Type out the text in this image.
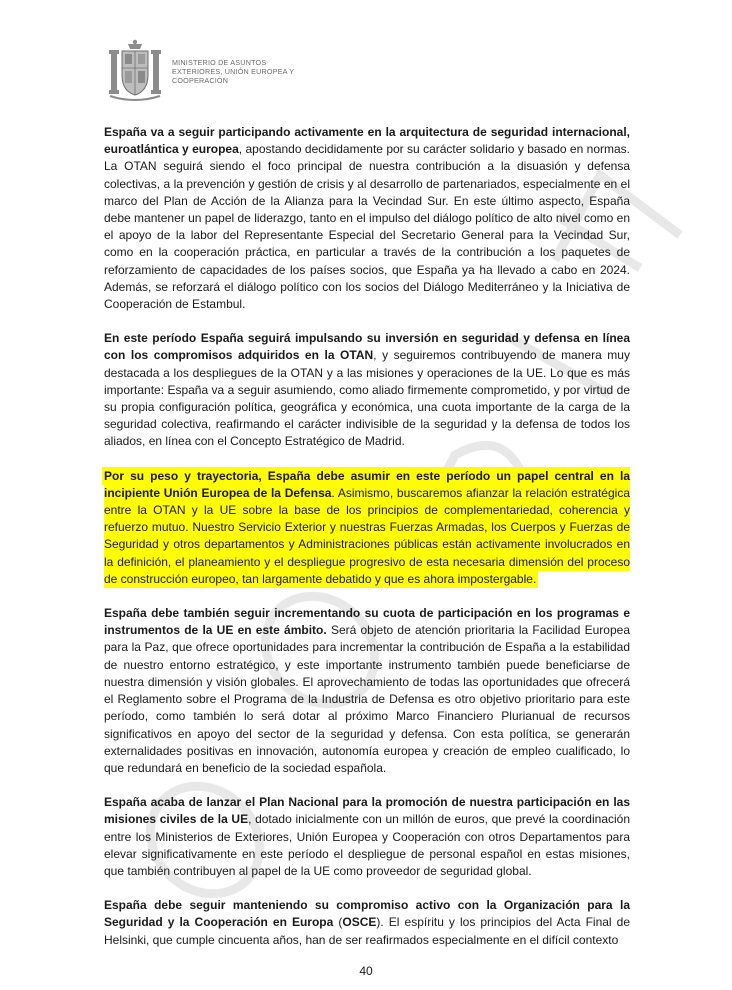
MINISTERIO DE ASUNTOS
EXTERIORES, UNIÓN EUROPEA Y
COOPERACIÓN

España va a seguir participando activamente en la arquitectura de seguridad internacional, euroatlántica y europea, apostando decididamente por su carácter solidario y basado en normas. La OTAN seguirá siendo el foco principal de nuestra contribución a la disuasión y defensa colectivas, a la prevención y gestión de crisis y al desarrollo de partenariados, especialmente en el marco del Plan de Acción de la Alianza para la Vecindad Sur. En este último aspecto, España debe mantener un papel de liderazgo, tanto en el impulso del diálogo político de alto nivel como en el apoyo de la labor del Representante Especial del Secretario General para la Vecindad Sur, como en la cooperación práctica, en particular a través de la contribución a los paquetes de reforzamiento de capacidades de los países socios, que España ya ha llevado a cabo en 2024. Además, se reforzará el diálogo político con los socios del Diálogo Mediterráneo y la Iniciativa de Cooperación de Estambul.

En este período España seguirá impulsando su inversión en seguridad y defensa en línea con los compromisos adquiridos en la OTAN, y seguiremos contribuyendo de manera muy destacada a los despliegues de la OTAN y a las misiones y operaciones de la UE. Lo que es más importante: España va a seguir asumiendo, como aliado firmemente comprometido, y por virtud de su propia configuración política, geográfica y económica, una cuota importante de la carga de la seguridad colectiva, reafirmando el carácter indivisible de la seguridad y la defensa de todos los aliados, en línea con el Concepto Estratégico de Madrid.

Por su peso y trayectoria, España debe asumir en este período un papel central en la incipiente Unión Europea de la Defensa. Asimismo, buscaremos afianzar la relación estratégica entre la OTAN y la UE sobre la base de los principios de complementariedad, coherencia y refuerzo mutuo. Nuestro Servicio Exterior y nuestras Fuerzas Armadas, los Cuerpos y Fuerzas de Seguridad y otros departamentos y Administraciones públicas están activamente involucrados en la definición, el planeamiento y el despliegue progresivo de esta necesaria dimensión del proceso de construcción europeo, tan largamente debatido y que es ahora impostergable.

España debe también seguir incrementando su cuota de participación en los programas e instrumentos de la UE en este ámbito. Será objeto de atención prioritaria la Facilidad Europea para la Paz, que ofrece oportunidades para incrementar la contribución de España a la estabilidad de nuestro entorno estratégico, y este importante instrumento también puede beneficiarse de nuestra dimensión y visión globales. El aprovechamiento de todas las oportunidades que ofrecerá el Reglamento sobre el Programa de la Industria de Defensa es otro objetivo prioritario para este período, como también lo será dotar al próximo Marco Financiero Plurianual de recursos significativos en apoyo del sector de la seguridad y defensa. Con esta política, se generarán externalidades positivas en innovación, autonomía europea y creación de empleo cualificado, lo que redundará en beneficio de la sociedad española.

España acaba de lanzar el Plan Nacional para la promoción de nuestra participación en las misiones civiles de la UE, dotado inicialmente con un millón de euros, que prevé la coordinación entre los Ministerios de Exteriores, Unión Europea y Cooperación con otros Departamentos para elevar significativamente en este período el despliegue de personal español en estas misiones, que también contribuyen al papel de la UE como proveedor de seguridad global.

España debe seguir manteniendo su compromiso activo con la Organización para la Seguridad y la Cooperación en Europa (OSCE). El espíritu y los principios del Acta Final de Helsinki, que cumple cincuenta años, han de ser reafirmados especialmente en el difícil contexto

40
